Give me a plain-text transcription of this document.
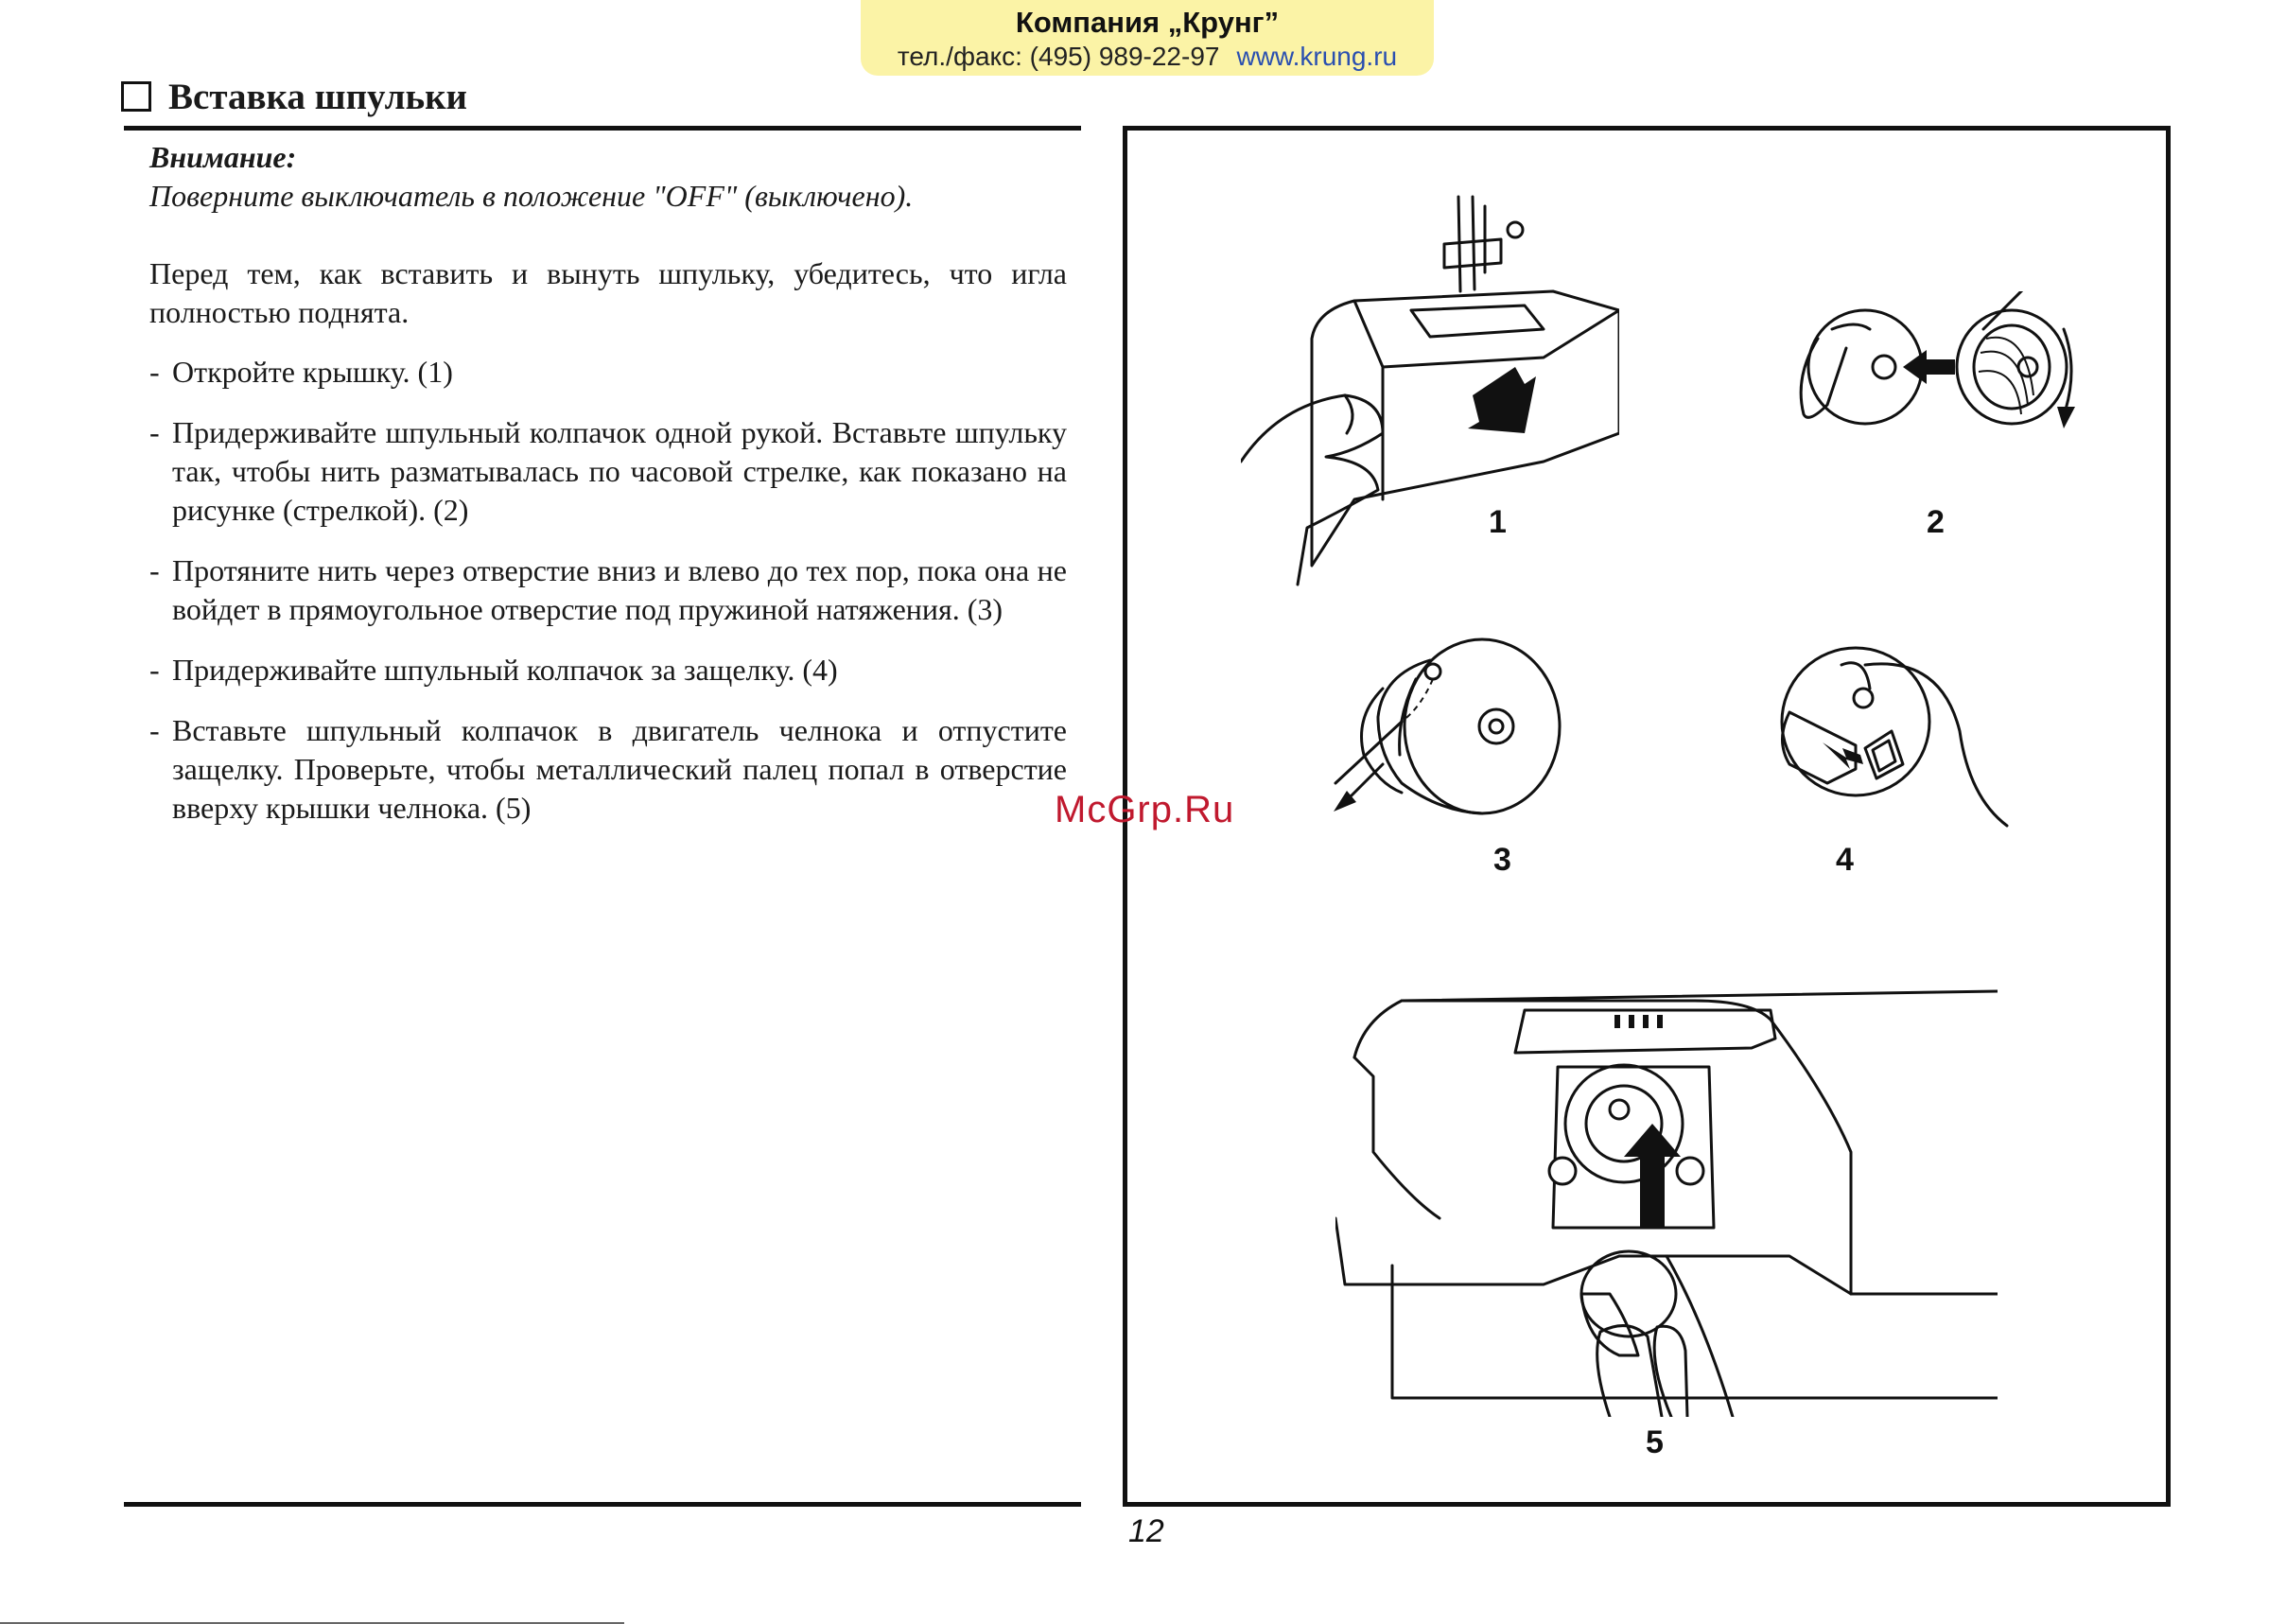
Компания „Крунг”
тел./факс: (495) 989-22-97 www.krung.ru
Вставка шпульки
Внимание:
Поверните выключатель в положение "OFF" (выключено).
Перед тем, как вставить и вынуть шпульку, убедитесь, что игла полностью поднята.
- Откройте крышку. (1)
- Придерживайте шпульный колпачок одной рукой. Вставьте шпульку так, чтобы нить разматывалась по часовой стрелке, как показано на рисунке (стрелкой). (2)
- Протяните нить через отверстие вниз и влево до тех пор, пока она не войдет в прямоугольное отверстие под пружиной натяжения. (3)
- Придерживайте шпульный колпачок за защелку. (4)
- Вставьте шпульный колпачок в двигатель челнока и отпустите защелку. Проверьте, чтобы металлический палец попал в отверстие вверху крышки челнока. (5)
1	2
3	4
5
McGrp.Ru
12
